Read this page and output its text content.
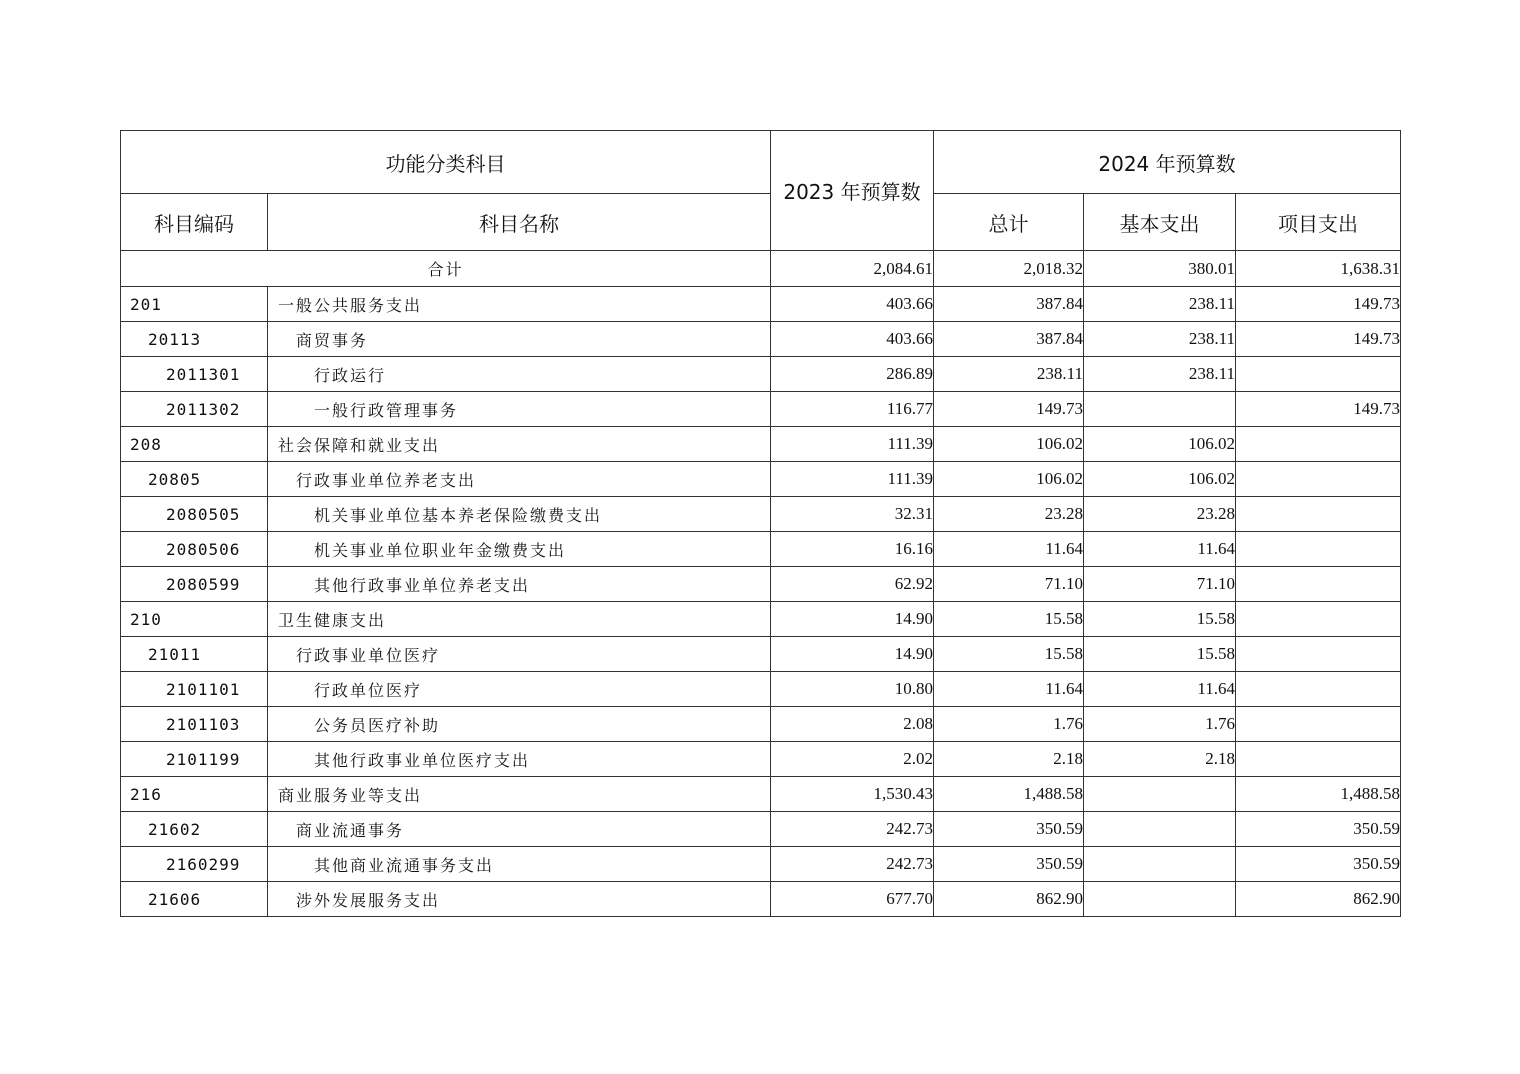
功能分类科目		2023 年预算数	2024 年预算数		
科目编码	科目名称		总计	基本支出	项目支出
合计		2,084.61	2,018.32	380.01	1,638.31
201	一般公共服务支出	403.66	387.84	238.11	149.73
20113	商贸事务	403.66	387.84	238.11	149.73
2011301	行政运行	286.89	238.11	238.11	
2011302	一般行政管理事务	116.77	149.73		149.73
208	社会保障和就业支出	111.39	106.02	106.02	
20805	行政事业单位养老支出	111.39	106.02	106.02	
2080505	机关事业单位基本养老保险缴费支出	32.31	23.28	23.28	
2080506	机关事业单位职业年金缴费支出	16.16	11.64	11.64	
2080599	其他行政事业单位养老支出	62.92	71.10	71.10	
210	卫生健康支出	14.90	15.58	15.58	
21011	行政事业单位医疗	14.90	15.58	15.58	
2101101	行政单位医疗	10.80	11.64	11.64	
2101103	公务员医疗补助	2.08	1.76	1.76	
2101199	其他行政事业单位医疗支出	2.02	2.18	2.18	
216	商业服务业等支出	1,530.43	1,488.58		1,488.58
21602	商业流通事务	242.73	350.59		350.59
2160299	其他商业流通事务支出	242.73	350.59		350.59
21606	涉外发展服务支出	677.70	862.90		862.90
